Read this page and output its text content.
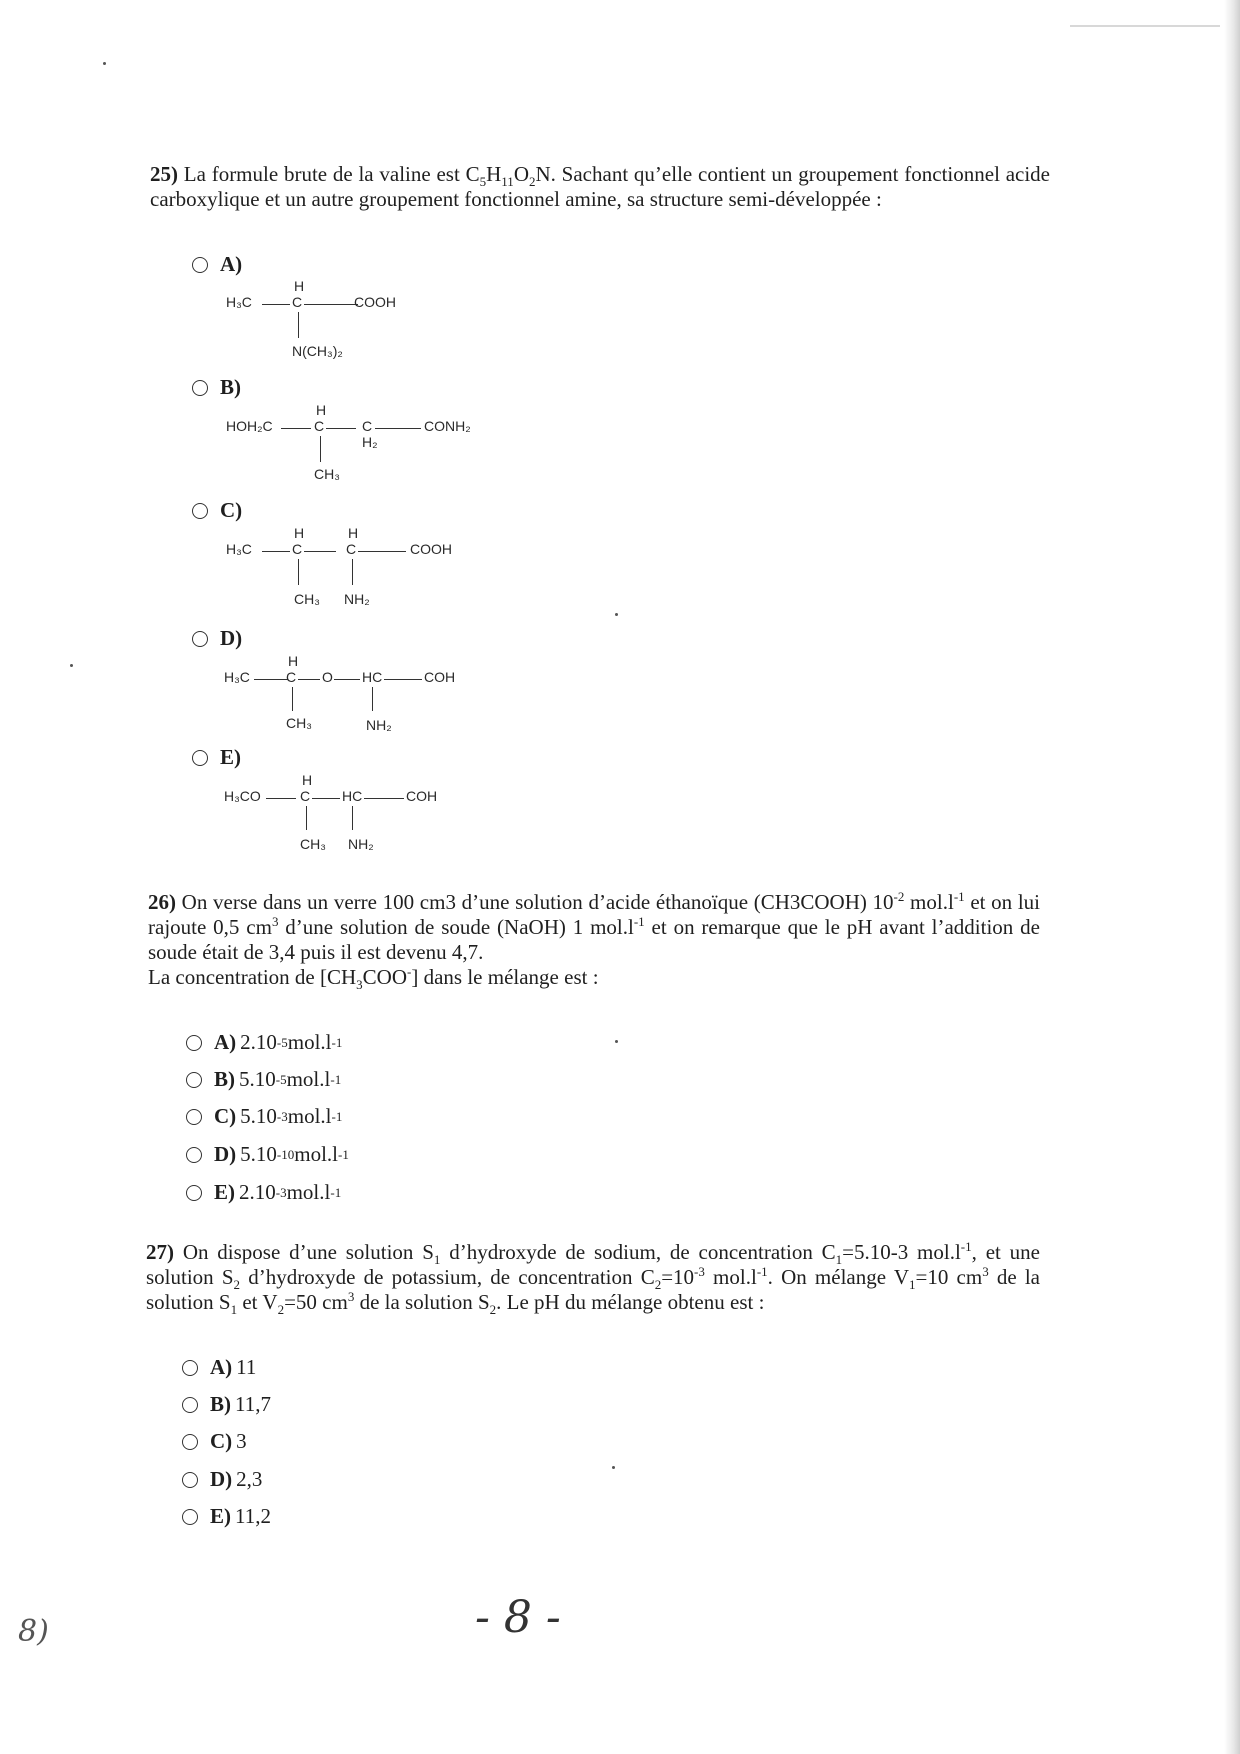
25) La formule brute de la valine est $C_5H_{11}O_2N$. Sachant qu’elle contient un groupement fonctionnel acide carboxylique et un autre groupement fonctionnel amine, sa structure semi-développée :

A)
H₃C
H
C	COOH
N(CH₃)₂
B)
HOH₂C
H
C	C
H₂
CONH₂
CH₃
C)
H₃C
H
C
H
C	COOH
CH₃ NH₂
D)
H₃C
H
C O HC	COH
CH₃	NH₂
E)
H₃CO
H
C HC	COH
CH₃ NH₂

26) On verse dans un verre 100 cm3 d’une solution d’acide éthanoïque (CH3COOH) $10^{-2}$ $mol.l^{-1}$ et on lui rajoute 0,5 $cm^3$ d’une solution de soude (NaOH) 1 $mol.l^{-1}$ et on remarque que le pH avant l’addition de soude était de 3,4 puis il est devenu 4,7.

La concentration de $[CH_3COO^-]$ dans le mélange est :

A) 2.10 -5 mol.l -1
B) 5.10 -5 mol.l -1
C) 5.10 -3 mol.l -1
D) 5.10 -10 mol.l -1
E) 2.10 -3 mol.l -1

27) On dispose d’une solution $S_1$ d’hydroxyde de sodium, de concentration $C_1=5.10-3$ $mol.l^{-1}$, et une solution $S_2$ d’hydroxyde de potassium, de concentration $C_2=10^{-3}$ $mol.l^{-1}$. On mélange $V_1=10$ $cm^3$ de la solution $S_1$ et $V_2=50$ $cm^3$ de la solution $S_2$. Le pH du mélange obtenu est :

A) 11
B) 11,7
C) 3
D) 2,3
E) 11,2
- 8 -
8)
